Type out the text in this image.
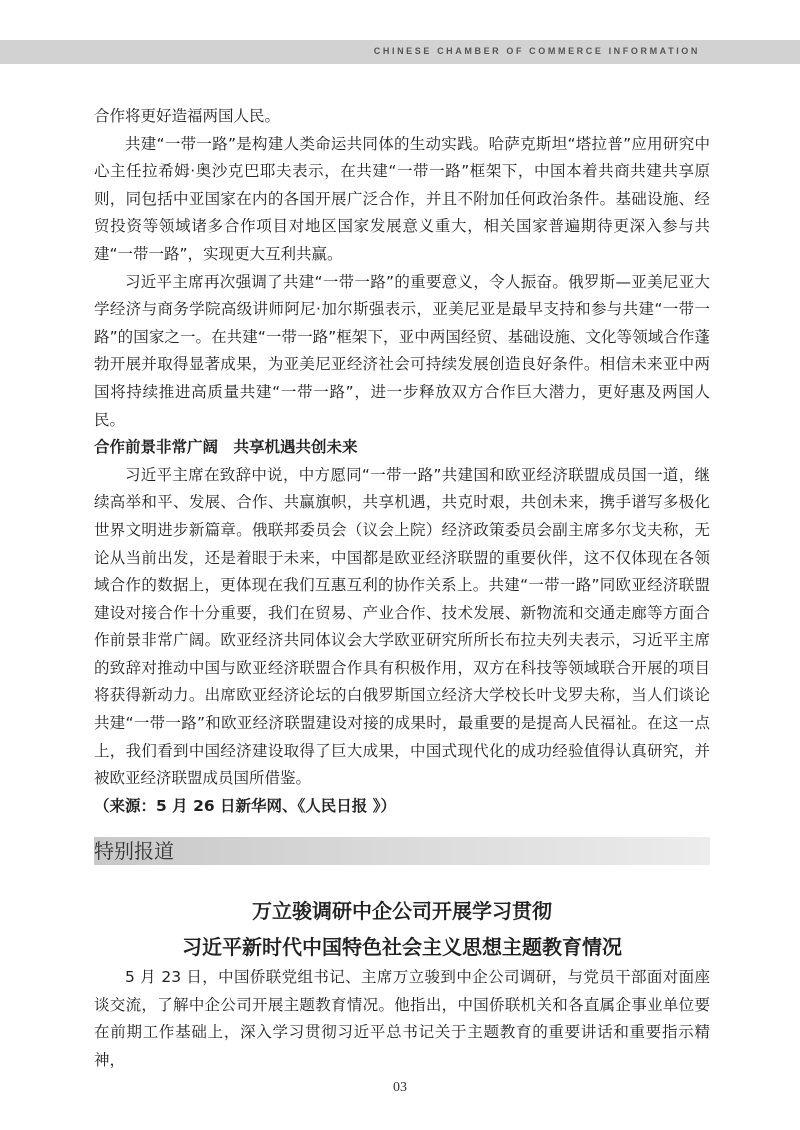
CHINESE CHAMBER OF COMMERCE INFORMATION

合作将更好造福两国人民。

共建“一带一路”是构建人类命运共同体的生动实践。哈萨克斯坦“塔拉普”应用研究中心主任拉希姆·奥沙克巴耶夫表示，在共建“一带一路”框架下，中国本着共商共建共享原则，同包括中亚国家在内的各国开展广泛合作，并且不附加任何政治条件。基础设施、经贸投资等领域诸多合作项目对地区国家发展意义重大，相关国家普遍期待更深入参与共建“一带一路”，实现更大互利共赢。

习近平主席再次强调了共建“一带一路”的重要意义，令人振奋。俄罗斯—亚美尼亚大学经济与商务学院高级讲师阿尼·加尔斯强表示，亚美尼亚是最早支持和参与共建“一带一路”的国家之一。在共建“一带一路”框架下，亚中两国经贸、基础设施、文化等领域合作蓬勃开展并取得显著成果，为亚美尼亚经济社会可持续发展创造良好条件。相信未来亚中两国将持续推进高质量共建“一带一路”，进一步释放双方合作巨大潜力，更好惠及两国人民。

合作前景非常广阔　共享机遇共创未来

习近平主席在致辞中说，中方愿同“一带一路”共建国和欧亚经济联盟成员国一道，继续高举和平、发展、合作、共赢旗帜，共享机遇，共克时艰，共创未来，携手谱写多极化世界文明进步新篇章。俄联邦委员会（议会上院）经济政策委员会副主席多尔戈夫称，无论从当前出发，还是着眼于未来，中国都是欧亚经济联盟的重要伙伴，这不仅体现在各领域合作的数据上，更体现在我们互惠互利的协作关系上。共建“一带一路”同欧亚经济联盟建设对接合作十分重要，我们在贸易、产业合作、技术发展、新物流和交通走廊等方面合作前景非常广阔。欧亚经济共同体议会大学欧亚研究所所长布拉夫列夫表示，习近平主席的致辞对推动中国与欧亚经济联盟合作具有积极作用，双方在科技等领域联合开展的项目将获得新动力。出席欧亚经济论坛的白俄罗斯国立经济大学校长叶戈罗夫称，当人们谈论共建“一带一路”和欧亚经济联盟建设对接的成果时，最重要的是提高人民福祉。在这一点上，我们看到中国经济建设取得了巨大成果，中国式现代化的成功经验值得认真研究，并被欧亚经济联盟成员国所借鉴。

（来源：5 月 26 日新华网、《人民日报 》）

特别报道
万立骏调研中企公司开展学习贯彻
习近平新时代中国特色社会主义思想主题教育情况

5 月 23 日，中国侨联党组书记、主席万立骏到中企公司调研，与党员干部面对面座谈交流，了解中企公司开展主题教育情况。他指出，中国侨联机关和各直属企事业单位要在前期工作基础上，深入学习贯彻习近平总书记关于主题教育的重要讲话和重要指示精神，

03
